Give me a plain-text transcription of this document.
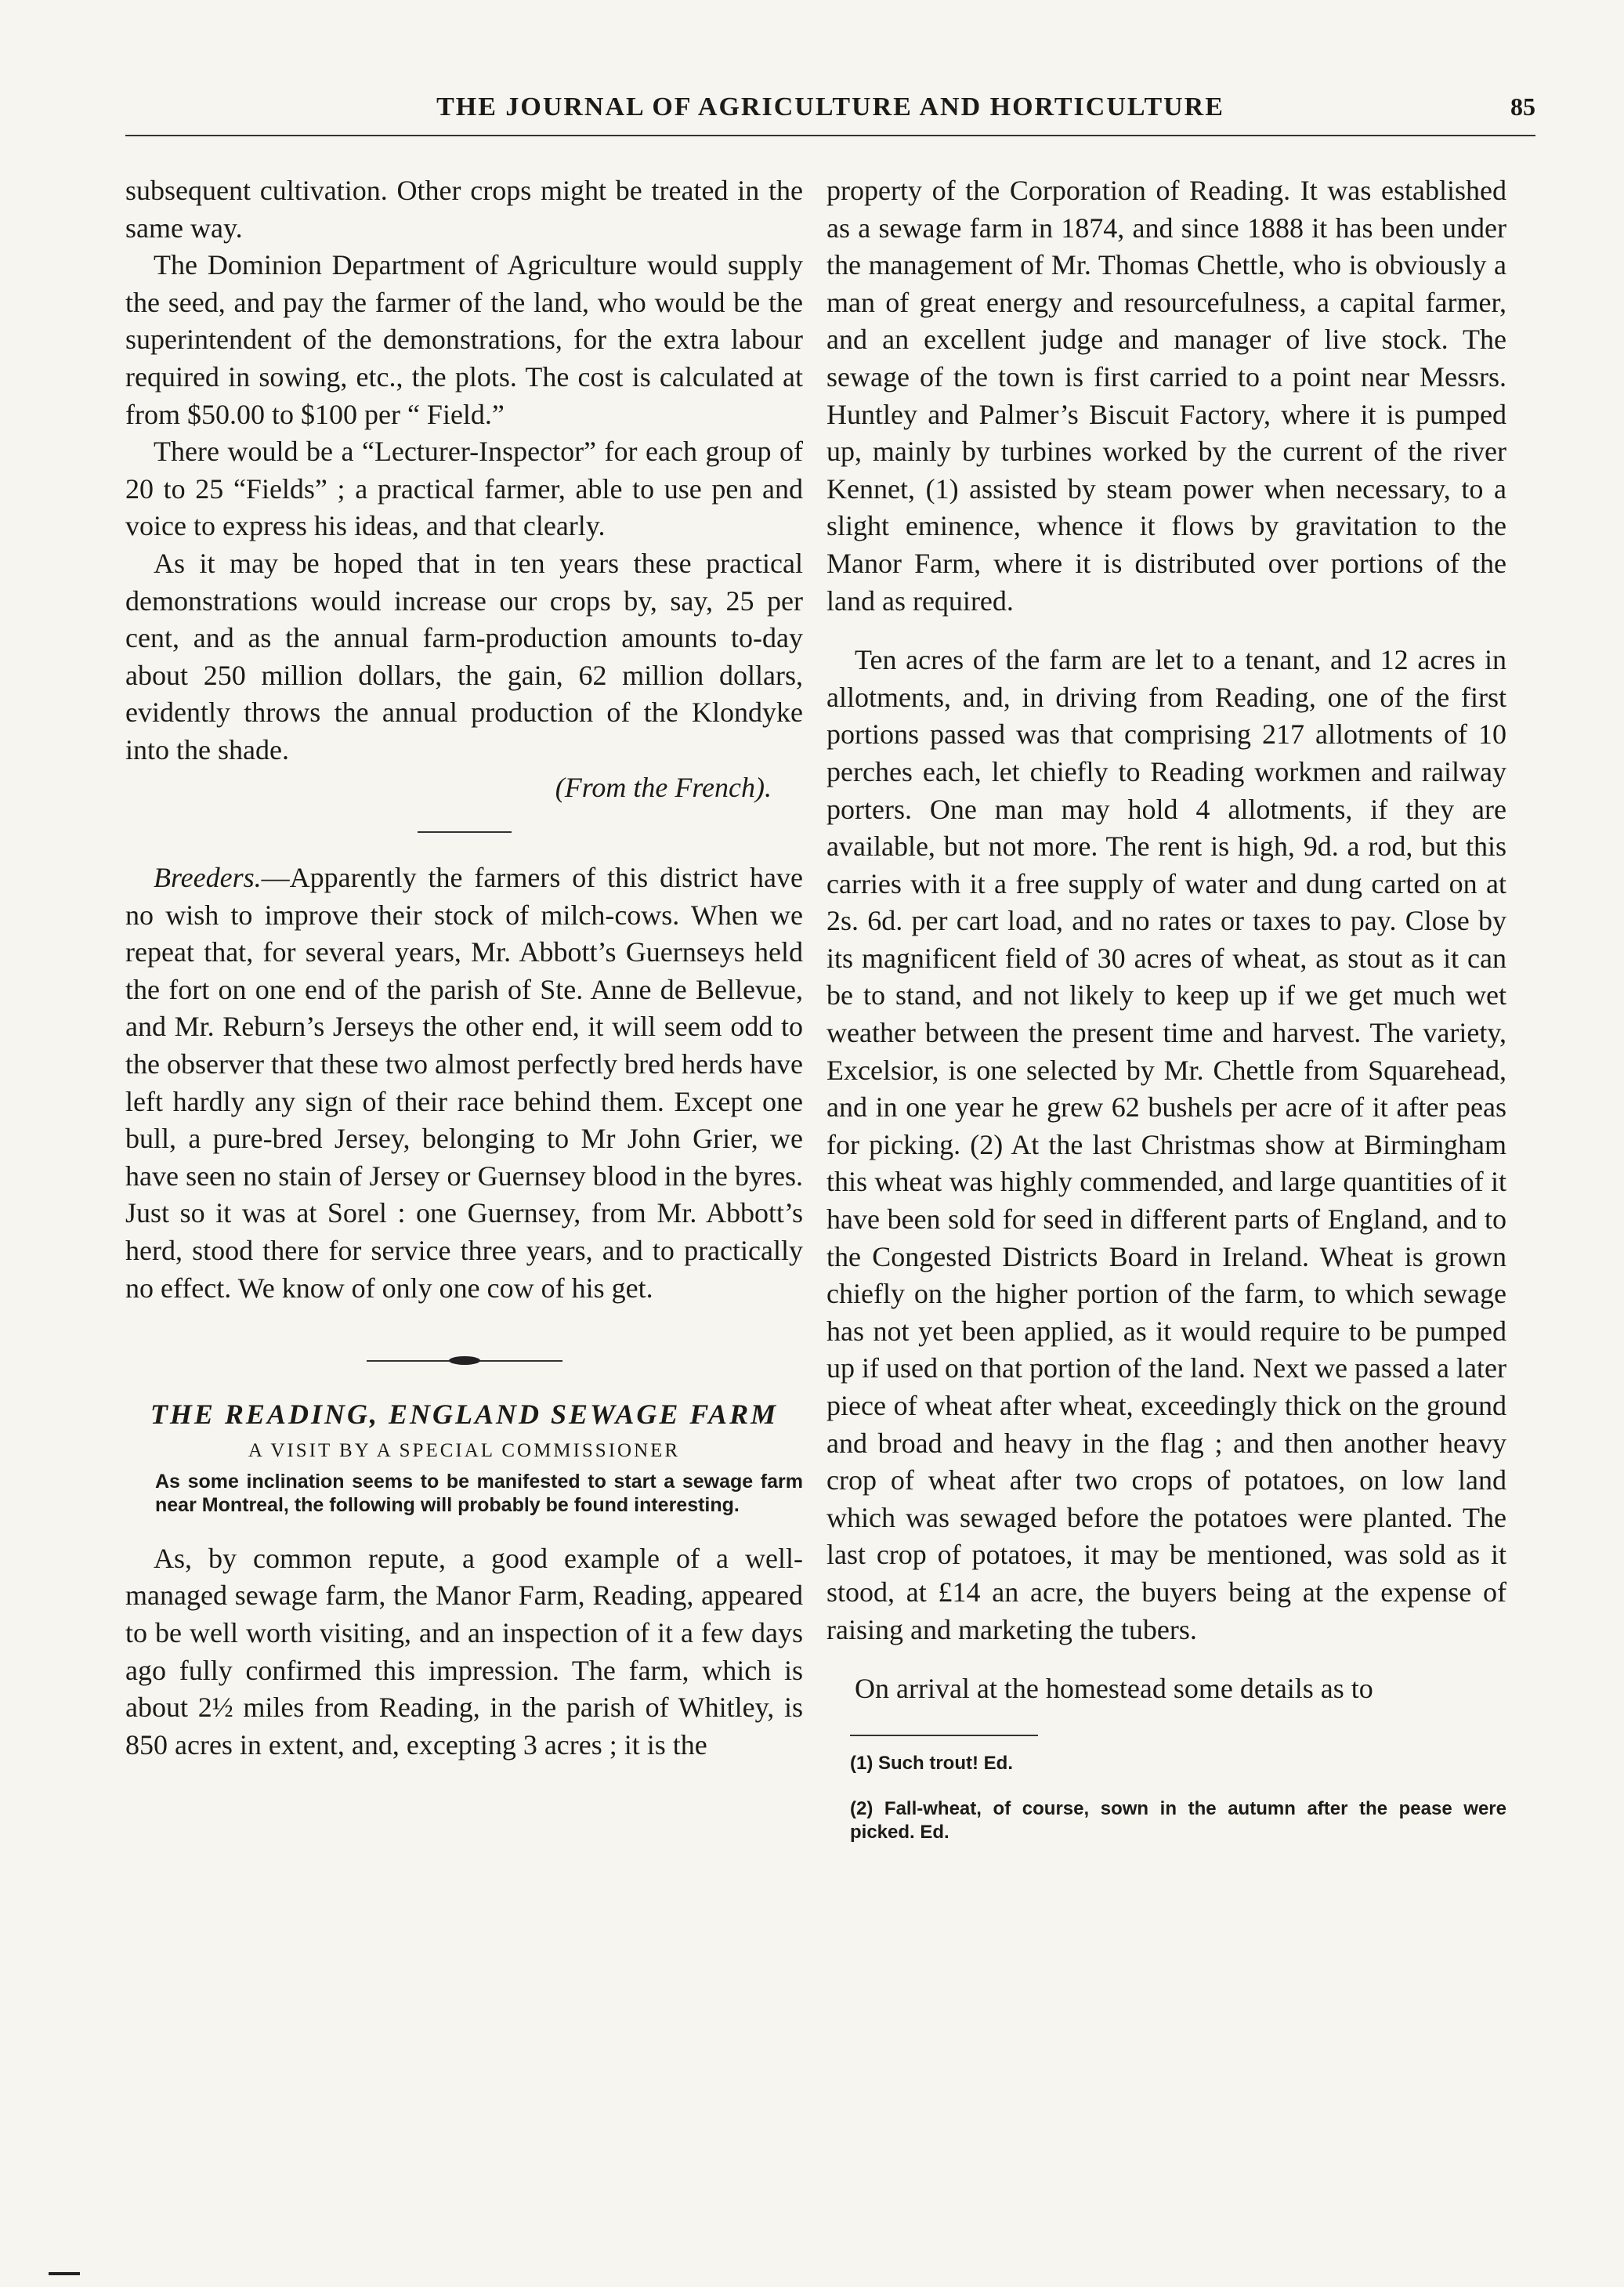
THE JOURNAL OF AGRICULTURE AND HORTICULTURE	85

subsequent cultivation. Other crops might be treated in the same way.

The Dominion Department of Agriculture would supply the seed, and pay the farmer of the land, who would be the superintendent of the demonstrations, for the extra labour required in sowing, etc., the plots. The cost is calculated at from $50.00 to $100 per “ Field.”

There would be a “Lecturer-Inspector” for each group of 20 to 25 “Fields” ; a practical farmer, able to use pen and voice to express his ideas, and that clearly.

As it may be hoped that in ten years these practical demonstrations would increase our crops by, say, 25 per cent, and as the annual farm-production amounts to-day about 250 million dollars, the gain, 62 million dollars, evidently throws the annual production of the Klondyke into the shade.

(From the French).

Breeders.—Apparently the farmers of this district have no wish to improve their stock of milch-cows. When we repeat that, for several years, Mr. Abbott’s Guernseys held the fort on one end of the parish of Ste. Anne de Bellevue, and Mr. Reburn’s Jerseys the other end, it will seem odd to the observer that these two almost perfectly bred herds have left hardly any sign of their race behind them. Except one bull, a pure-bred Jersey, belonging to Mr John Grier, we have seen no stain of Jersey or Guernsey blood in the byres. Just so it was at Sorel : one Guernsey, from Mr. Abbott’s herd, stood there for service three years, and to practically no effect. We know of only one cow of his get.

THE READING, ENGLAND SEWAGE FARM

A VISIT BY A SPECIAL COMMISSIONER

As some inclination seems to be manifested to start a sewage farm near Montreal, the following will probably be found interesting.

As, by common repute, a good example of a well-managed sewage farm, the Manor Farm, Reading, appeared to be well worth visiting, and an inspection of it a few days ago fully confirmed this impression. The farm, which is about 2½ miles from Reading, in the parish of Whitley, is 850 acres in extent, and, excepting 3 acres ; it is the

property of the Corporation of Reading. It was established as a sewage farm in 1874, and since 1888 it has been under the management of Mr. Thomas Chettle, who is obviously a man of great energy and resourcefulness, a capital farmer, and an excellent judge and manager of live stock. The sewage of the town is first carried to a point near Messrs. Huntley and Palmer’s Biscuit Factory, where it is pumped up, mainly by turbines worked by the current of the river Kennet, (1) assisted by steam power when necessary, to a slight eminence, whence it flows by gravitation to the Manor Farm, where it is distributed over portions of the land as required.

Ten acres of the farm are let to a tenant, and 12 acres in allotments, and, in driving from Reading, one of the first portions passed was that comprising 217 allotments of 10 perches each, let chiefly to Reading workmen and railway porters. One man may hold 4 allotments, if they are available, but not more. The rent is high, 9d. a rod, but this carries with it a free supply of water and dung carted on at 2s. 6d. per cart load, and no rates or taxes to pay. Close by its magnificent field of 30 acres of wheat, as stout as it can be to stand, and not likely to keep up if we get much wet weather between the present time and harvest. The variety, Excelsior, is one selected by Mr. Chettle from Squarehead, and in one year he grew 62 bushels per acre of it after peas for picking. (2) At the last Christmas show at Birmingham this wheat was highly commended, and large quantities of it have been sold for seed in different parts of England, and to the Congested Districts Board in Ireland. Wheat is grown chiefly on the higher portion of the farm, to which sewage has not yet been applied, as it would require to be pumped up if used on that portion of the land. Next we passed a later piece of wheat after wheat, exceedingly thick on the ground and broad and heavy in the flag ; and then another heavy crop of wheat after two crops of potatoes, on low land which was sewaged before the potatoes were planted. The last crop of potatoes, it may be mentioned, was sold as it stood, at £14 an acre, the buyers being at the expense of raising and marketing the tubers.

On arrival at the homestead some details as to

(1) Such trout! Ed.

(2) Fall-wheat, of course, sown in the autumn after the pease were picked. Ed.
